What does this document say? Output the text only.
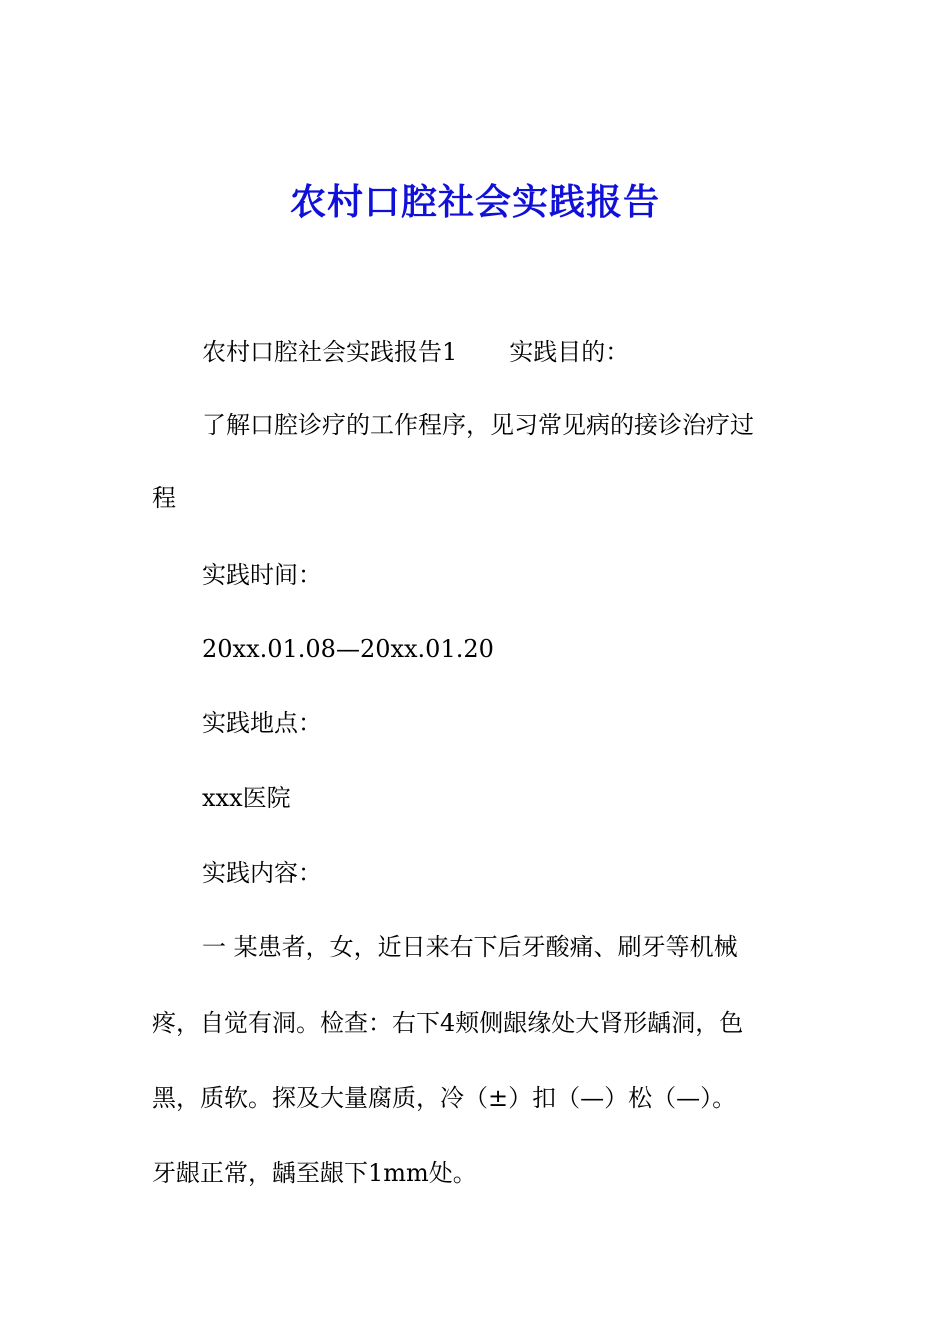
农村口腔社会实践报告

农村口腔社会实践报告1 实践目的：

了解口腔诊疗的工作程序，见习常见病的接诊治疗过

程

实践时间：

20xx.01.08—20xx.01.20

实践地点：

xxx医院

实践内容：

一 某患者，女，近日来右下后牙酸痛、刷牙等机械

疼，自觉有洞。检查：右下4颊侧龈缘处大肾形龋洞，色

黑，质软。探及大量腐质，冷（±）扣（—）松（—）。

牙龈正常，龋至龈下1mm处。
